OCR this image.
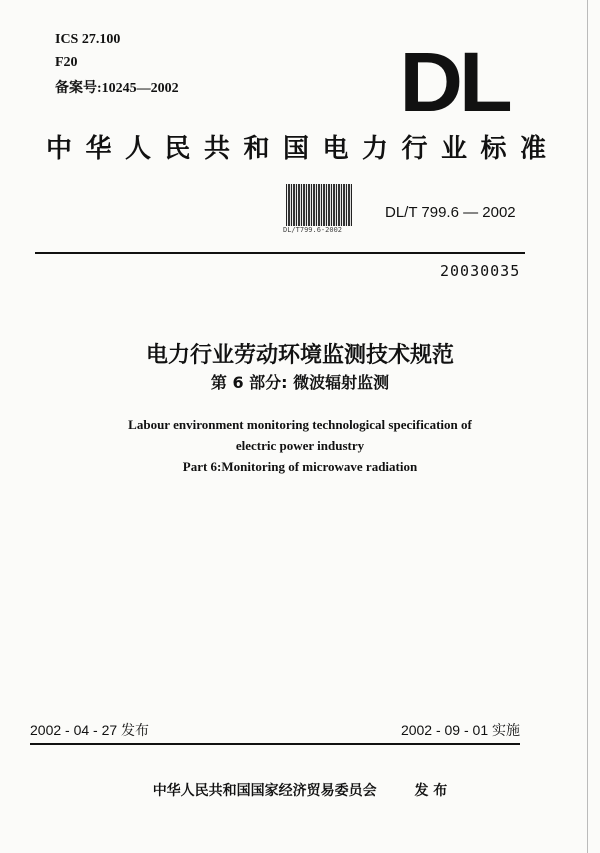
ICS 27.100
F20
备案号:10245—2002	DL
中华人民共和国电力行业标准
DL/T799.6-2002
DL/T 799.6 — 2002
20030035
电力行业劳动环境监测技术规范
第 6 部分: 微波辐射监测
Labour environment monitoring technological specification of
electric power industry
Part 6:Monitoring of microwave radiation
2002 - 04 - 27 发布	2002 - 09 - 01 实施
中华人民共和国国家经济贸易委员会	发 布
